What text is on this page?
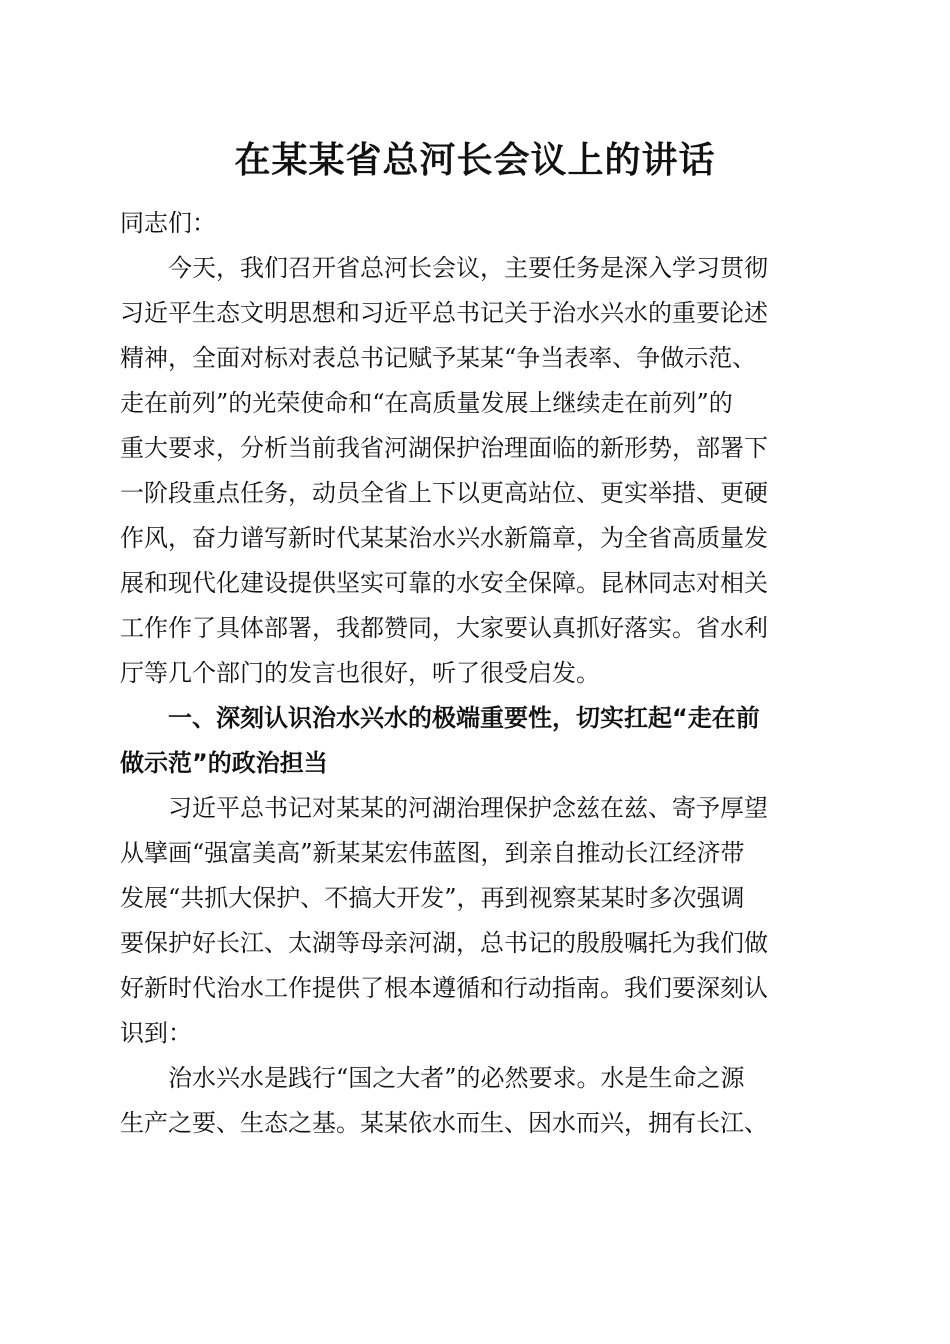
在某某省总河长会议上的讲话
同志们：
今天，我们召开省总河长会议，主要任务是深入学习贯彻
习近平生态文明思想和习近平总书记关于治水兴水的重要论述
精神，全面对标对表总书记赋予某某“争当表率、争做示范、
走在前列”的光荣使命和“在高质量发展上继续走在前列”的
重大要求，分析当前我省河湖保护治理面临的新形势，部署下
一阶段重点任务，动员全省上下以更高站位、更实举措、更硬
作风，奋力谱写新时代某某治水兴水新篇章，为全省高质量发
展和现代化建设提供坚实可靠的水安全保障。昆林同志对相关
工作作了具体部署，我都赞同，大家要认真抓好落实。省水利
厅等几个部门的发言也很好，听了很受启发。
一、深刻认识治水兴水的极端重要性，切实扛起“走在前
做示范”的政治担当
习近平总书记对某某的河湖治理保护念兹在兹、寄予厚望
从擘画“强富美高”新某某宏伟蓝图，到亲自推动长江经济带
发展“共抓大保护、不搞大开发”，再到视察某某时多次强调
要保护好长江、太湖等母亲河湖，总书记的殷殷嘱托为我们做
好新时代治水工作提供了根本遵循和行动指南。我们要深刻认
识到：
治水兴水是践行“国之大者”的必然要求。水是生命之源
生产之要、生态之基。某某依水而生、因水而兴，拥有长江、
